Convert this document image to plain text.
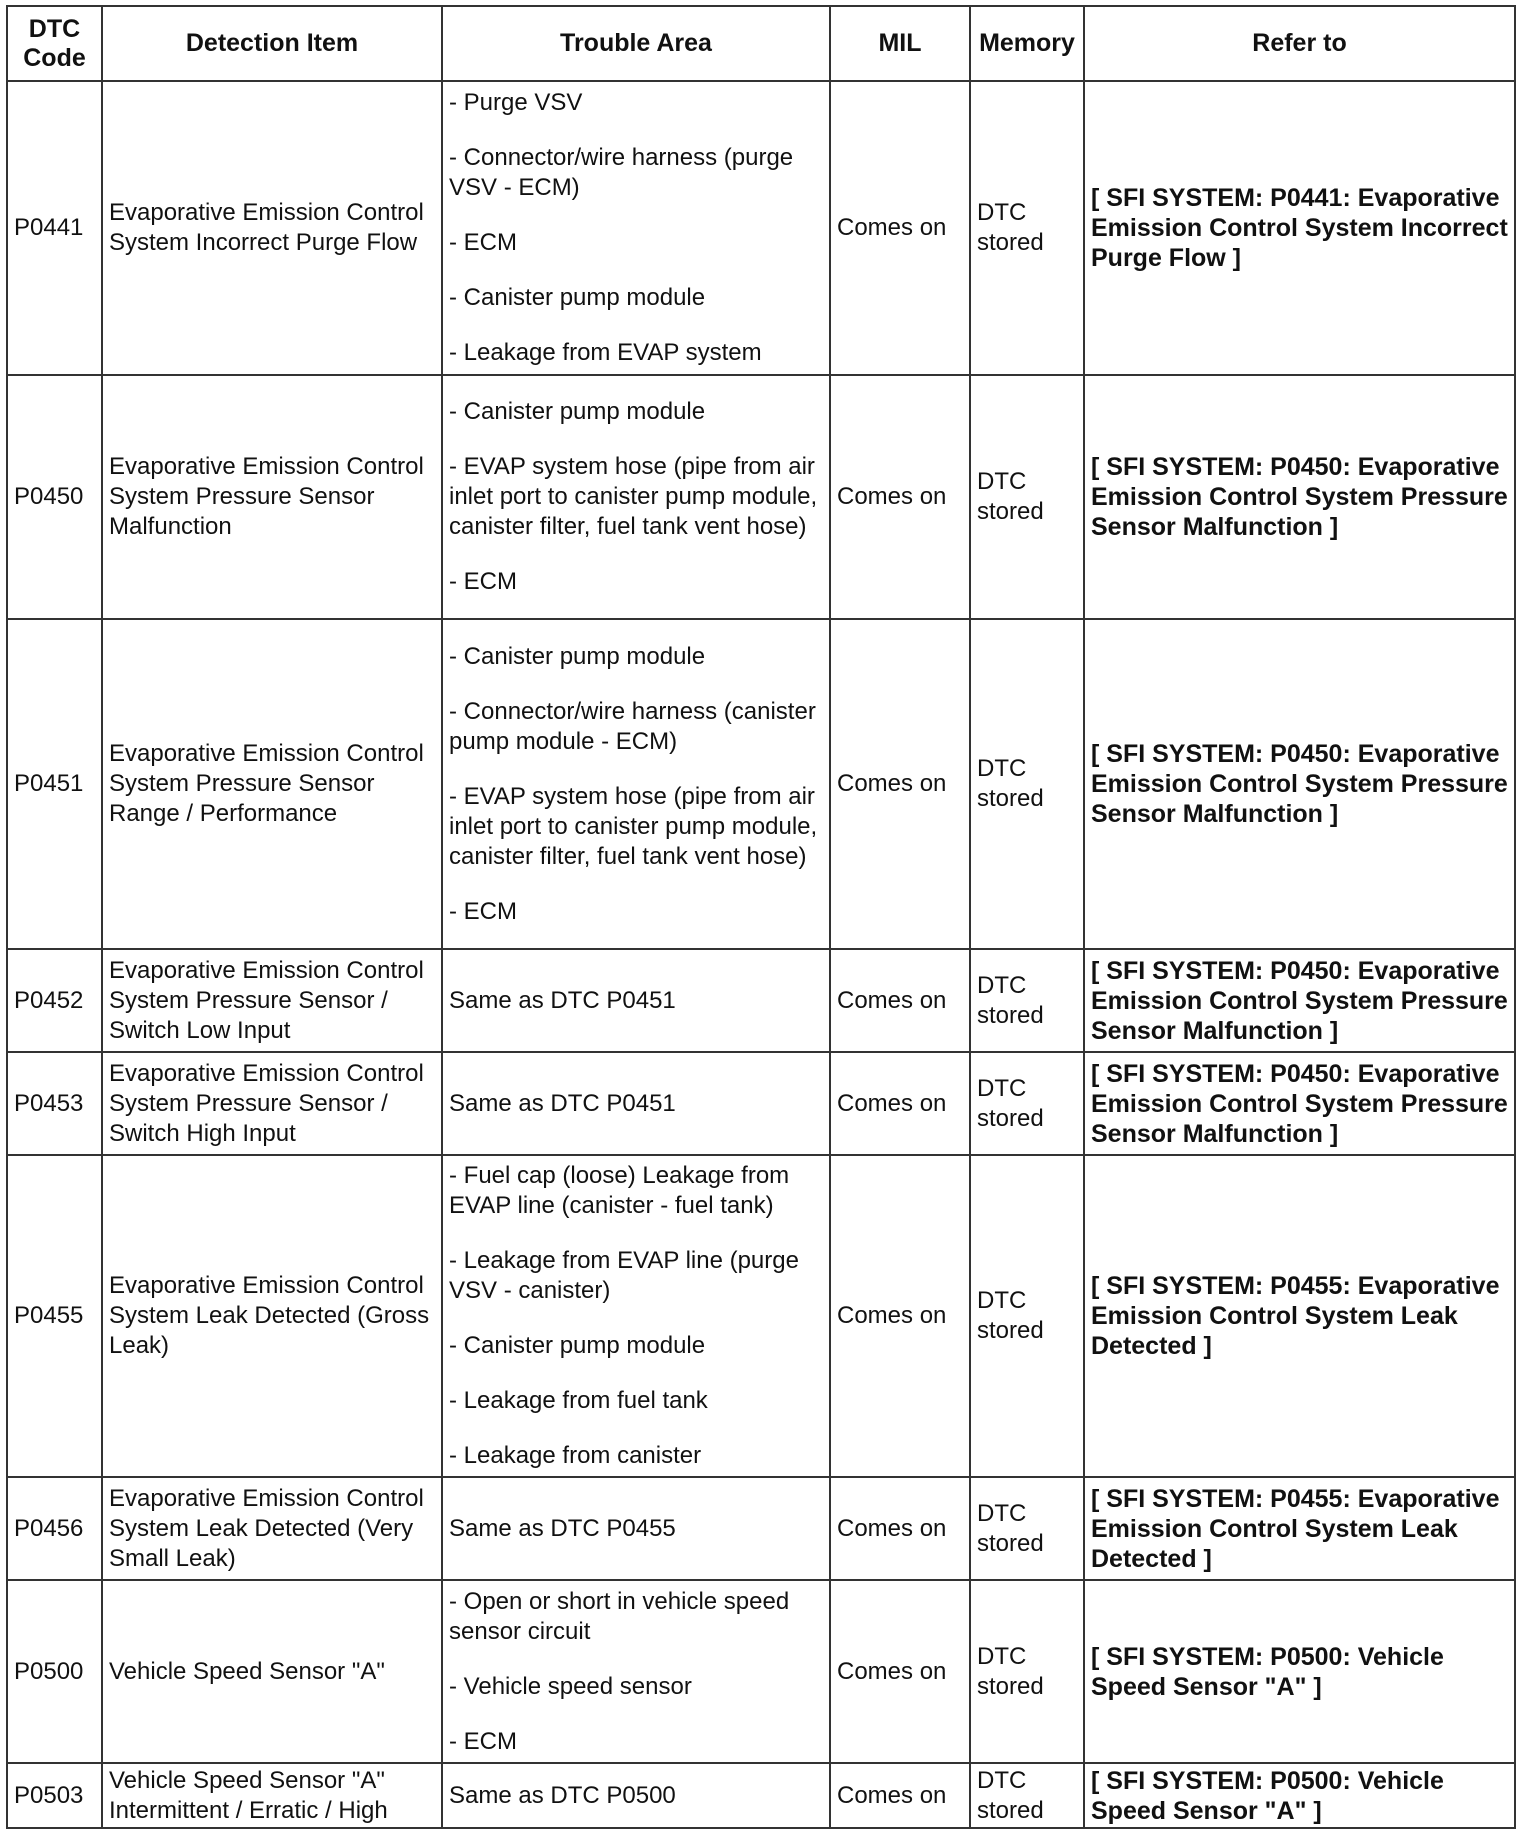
DTC
Code	Detection Item	Trouble Area	MIL	Memory	Refer to
P0441	Evaporative Emission Control System Incorrect Purge Flow	- Purge VSV
- Connector/wire harness (purge VSV - ECM)
- ECM
- Canister pump module
- Leakage from EVAP system	Comes on	DTC stored	[ SFI SYSTEM: P0441: Evaporative Emission Control System Incorrect Purge Flow ]
P0450	Evaporative Emission Control System Pressure Sensor Malfunction	- Canister pump module
- EVAP system hose (pipe from air inlet port to canister pump module, canister filter, fuel tank vent hose)
- ECM	Comes on	DTC stored	[ SFI SYSTEM: P0450: Evaporative Emission Control System Pressure Sensor Malfunction ]
P0451	Evaporative Emission Control System Pressure Sensor Range / Performance	- Canister pump module
- Connector/wire harness (canister pump module - ECM)
- EVAP system hose (pipe from air inlet port to canister pump module, canister filter, fuel tank vent hose)
- ECM	Comes on	DTC stored	[ SFI SYSTEM: P0450: Evaporative Emission Control System Pressure Sensor Malfunction ]
P0452	Evaporative Emission Control System Pressure Sensor / Switch Low Input	Same as DTC P0451	Comes on	DTC stored	[ SFI SYSTEM: P0450: Evaporative Emission Control System Pressure Sensor Malfunction ]
P0453	Evaporative Emission Control System Pressure Sensor / Switch High Input	Same as DTC P0451	Comes on	DTC stored	[ SFI SYSTEM: P0450: Evaporative Emission Control System Pressure Sensor Malfunction ]
P0455	Evaporative Emission Control System Leak Detected (Gross Leak)	- Fuel cap (loose) Leakage from EVAP line (canister - fuel tank)
- Leakage from EVAP line (purge VSV - canister)
- Canister pump module
- Leakage from fuel tank
- Leakage from canister	Comes on	DTC stored	[ SFI SYSTEM: P0455: Evaporative Emission Control System Leak Detected ]
P0456	Evaporative Emission Control System Leak Detected (Very Small Leak)	Same as DTC P0455	Comes on	DTC stored	[ SFI SYSTEM: P0455: Evaporative Emission Control System Leak Detected ]
P0500	Vehicle Speed Sensor "A"	- Open or short in vehicle speed sensor circuit
- Vehicle speed sensor
- ECM	Comes on	DTC stored	[ SFI SYSTEM: P0500: Vehicle Speed Sensor "A" ]
P0503	Vehicle Speed Sensor "A" Intermittent / Erratic / High	Same as DTC P0500	Comes on	DTC stored	[ SFI SYSTEM: P0500: Vehicle Speed Sensor "A" ]
